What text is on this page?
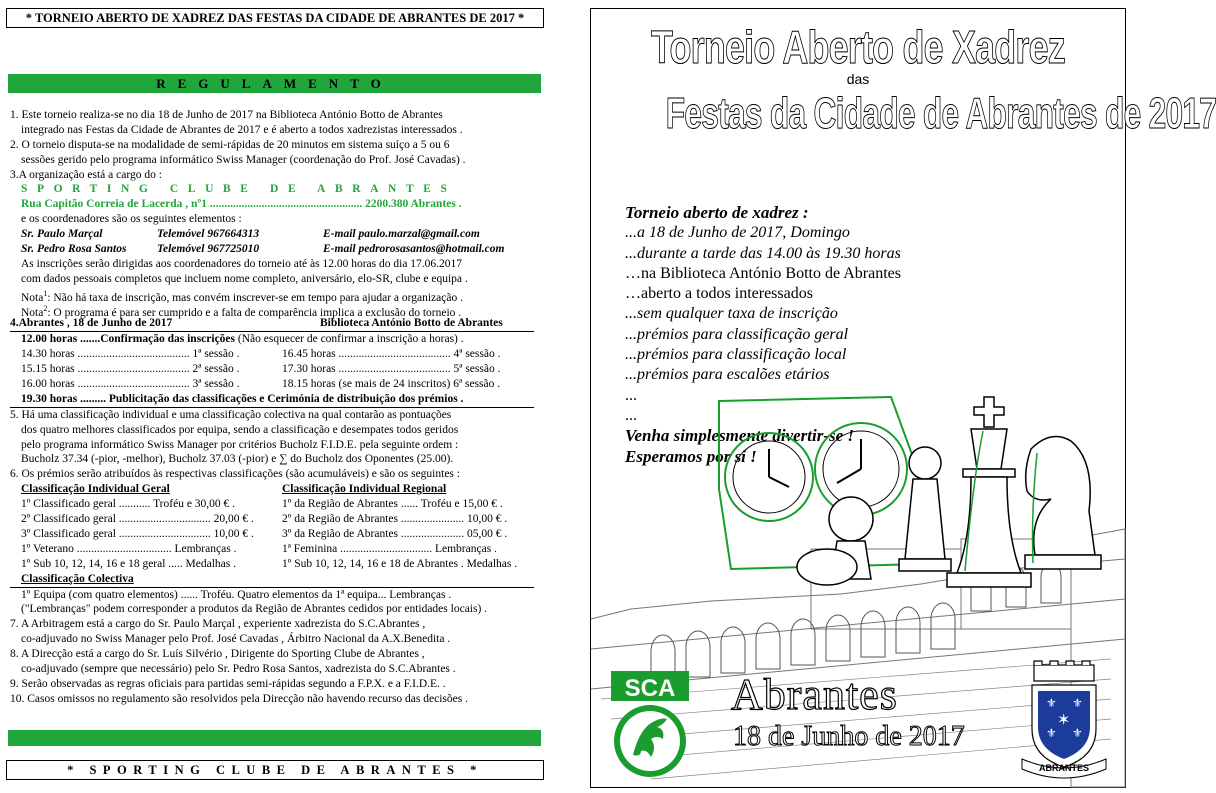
* TORNEIO ABERTO DE XADREZ DAS FESTAS DA CIDADE DE ABRANTES DE 2017 *
REGULAMENTO
1. Este torneio realiza-se no dia 18 de Junho de 2017 na Biblioteca António Botto de Abrantes
integrado nas Festas da Cidade de Abrantes de 2017 e é aberto a todos xadrezistas interessados .
2. O torneio disputa-se na modalidade de semi-rápidas de 20 minutos em sistema suíço a 5 ou 6
sessões gerido pelo programa informático Swiss Manager (coordenação do Prof. José Cavadas) .
3.A organização está a cargo do :
SPORTING CLUBE DE ABRANTES
Rua Capitão Correia de Lacerda , nº1 ..................................................... 2200.380 Abrantes .
e os coordenadores são os seguintes elementos :
Sr. Paulo Marçal	Telemóvel 967664313	E-mail paulo.marzal@gmail.com
Sr. Pedro Rosa Santos	Telemóvel 967725010	E-mail pedrorosasantos@hotmail.com
As inscrições serão dirigidas aos coordenadores do torneio até às 12.00 horas do dia 17.06.2017
com dados pessoais completos que incluem nome completo, aniversário, elo-SR, clube e equipa .
Nota$^1$: Não há taxa de inscrição, mas convém inscrever-se em tempo para ajudar a organização .
Nota$^2$: O programa é para ser cumprido e a falta de comparência implica a exclusão do torneio .
4.Abrantes , 18 de Junho de 2017	Biblioteca António Botto de Abrantes
12.00 horas .......Confirmação das inscrições (Não esquecer de confirmar a inscrição a horas) .
14.30 horas ....................................... 1ª sessão .	16.45 horas ....................................... 4ª sessão .
15.15 horas ....................................... 2ª sessão .	17.30 horas ....................................... 5ª sessão .
16.00 horas ....................................... 3ª sessão .	18.15 horas (se mais de 24 inscritos) 6ª sessão .
19.30 horas ......... Publicitação das classificações e Cerimónia de distribuição dos prémios .
5. Há uma classificação individual e uma classificação colectiva na qual contarão as pontuações
dos quatro melhores classificados por equipa, sendo a classificação e desempates todos geridos
pelo programa informático Swiss Manager por critérios Bucholz F.I.D.E. pela seguinte ordem :
Bucholz 37.34 (-pior, -melhor), Bucholz 37.03 (-pior) e ∑ do Bucholz dos Oponentes (25.00).
6. Os prémios serão atribuídos às respectivas classificações (são acumuláveis) e são os seguintes :
Classificação Individual Geral	Classificação Individual Regional
1º Classificado geral ........... Troféu e 30,00 € .	1º da Região de Abrantes ...... Troféu e 15,00 € .
2º Classificado geral ................................ 20,00 € . 2º da Região de Abrantes ...................... 10,00 € .
3º Classificado geral ................................ 10,00 € . 3º da Região de Abrantes ...................... 05,00 € .
1º Veterano ................................. Lembranças .	1ª Feminina ................................ Lembranças .
1º Sub 10, 12, 14, 16 e 18 geral ..... Medalhas .	1º Sub 10, 12, 14, 16 e 18 de Abrantes . Medalhas .
Classificação Colectiva
1º Equipa (com quatro elementos) ...... Troféu. Quatro elementos da 1ª equipa... Lembranças .
("Lembranças" podem corresponder a produtos da Região de Abrantes cedidos por entidades locais) .
7. A Arbitragem está a cargo do Sr. Paulo Marçal , experiente xadrezista do S.C.Abrantes ,
co-adjuvado no Swiss Manager pelo Prof. José Cavadas , Árbitro Nacional da A.X.Benedita .
8. A Direcção está a cargo do Sr. Luís Silvério , Dirigente do Sporting Clube de Abrantes ,
co-adjuvado (sempre que necessário) pelo Sr. Pedro Rosa Santos, xadrezista do S.C.Abrantes .
9. Serão observadas as regras oficiais para partidas semi-rápidas segundo a F.P.X. e a F.I.D.E. .
10. Casos omissos no regulamento são resolvidos pela Direcção não havendo recurso das decisões .
* SPORTING CLUBE DE ABRANTES *
Torneio Aberto de Xadrez
das
Festas da Cidade de Abrantes de 2017
Torneio aberto de xadrez :
...a 18 de Junho de 2017, Domingo
...durante a tarde das 14.00 às 19.30 horas
…na Biblioteca António Botto de Abrantes
…aberto a todos interessados
...sem qualquer taxa de inscrição
...prémios para classificação geral
...prémios para classificação local
...prémios para escalões etários
...
...
Venha simplesmente divertir-se !
Esperamos por si !
SCA Abrantes
18 de Junho de 2017
⚜ ⚜
⚜ ⚜
✶
ABRANTES
